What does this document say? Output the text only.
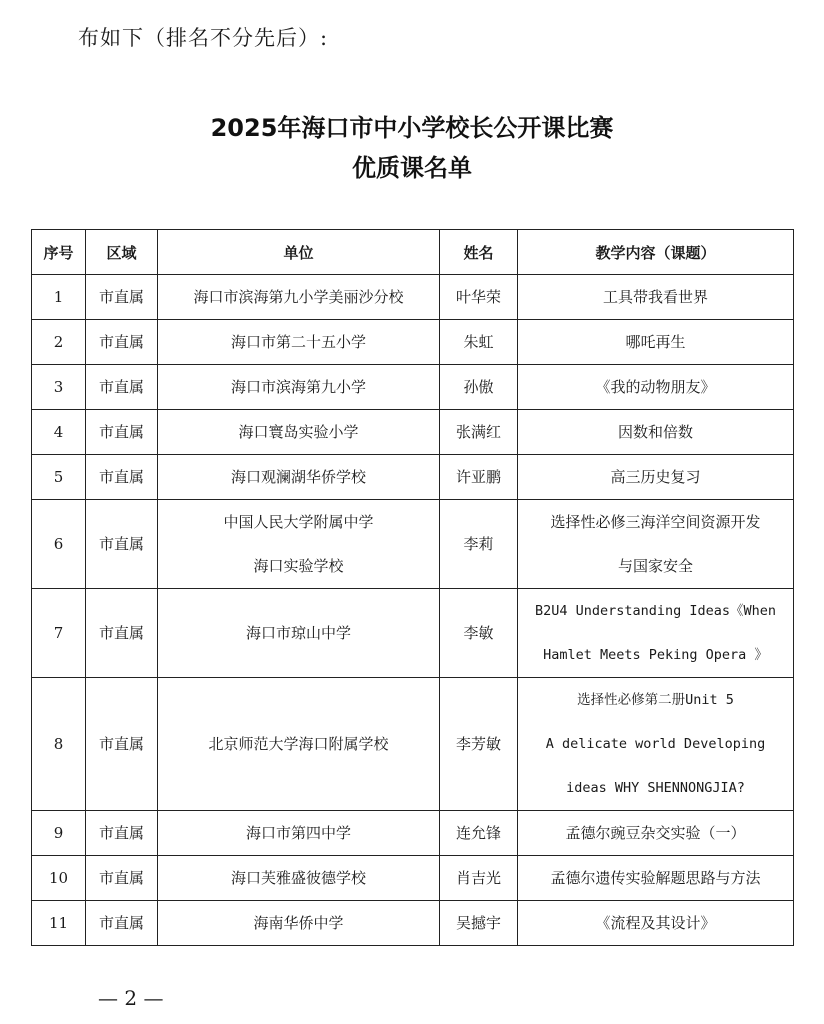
布如下（排名不分先后）:
2025年海口市中小学校长公开课比赛
优质课名单
序号	区域	单位	姓名	教学内容（课题）
1	市直属	海口市滨海第九小学美丽沙分校	叶华荣	工具带我看世界
2	市直属	海口市第二十五小学	朱虹	哪吒再生
3	市直属	海口市滨海第九小学	孙傲	《我的动物朋友》
4	市直属	海口寰岛实验小学	张满红	因数和倍数
5	市直属	海口观澜湖华侨学校	许亚鹏	高三历史复习
6	市直属	中国人民大学附属中学
海口实验学校	李莉	选择性必修三海洋空间资源开发
与国家安全

7	市直属	海口市琼山中学	李敏	B2U4 Understanding Ideas《When
Hamlet Meets Peking Opera 》

8	市直属	北京师范大学海口附属学校	李芳敏	选择性必修第二册Unit 5
A delicate world Developing
ideas WHY SHENNONGJIA?

9	市直属	海口市第四中学	连允锋	孟德尔豌豆杂交实验（一）
10	市直属	海口芙雅盛彼德学校	肖吉光	孟德尔遗传实验解题思路与方法
11	市直属	海南华侨中学	吴撼宇	《流程及其设计》
— 2 —
